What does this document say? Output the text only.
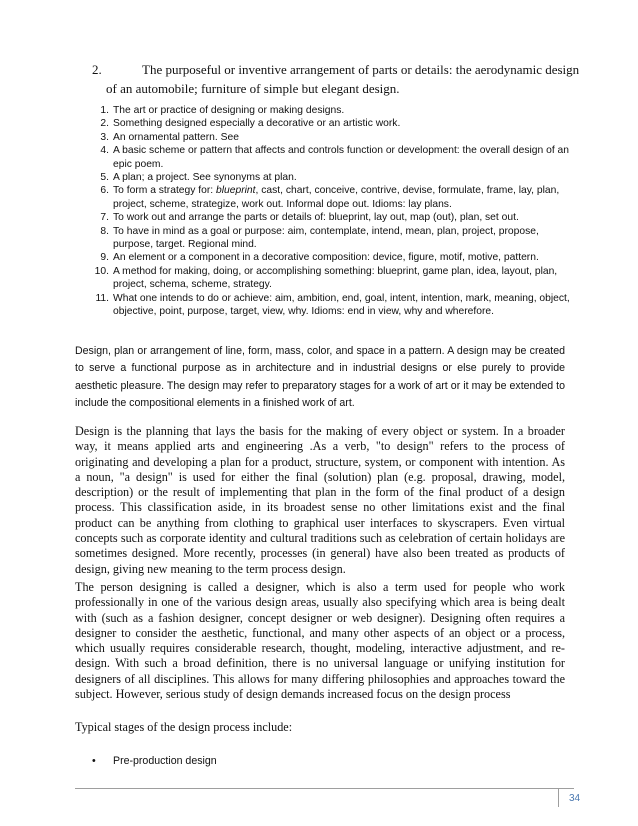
2.	The purposeful or inventive arrangement of parts or details: the aerodynamic design
of an automobile; furniture of simple but elegant design.
1. The art or practice of designing or making designs.
2. Something designed especially a decorative or an artistic work.
3. An ornamental pattern. See
4. A basic scheme or pattern that affects and controls function or development: the overall design of an epic poem.
5. A plan; a project. See synonyms at plan.
6. To form a strategy for: blueprint, cast, chart, conceive, contrive, devise, formulate, frame, lay, plan, project, scheme, strategize, work out. Informal dope out. Idioms: lay plans.
7. To work out and arrange the parts or details of: blueprint, lay out, map (out), plan, set out.
8. To have in mind as a goal or purpose: aim, contemplate, intend, mean, plan, project, propose, purpose, target. Regional mind.
9. An element or a component in a decorative composition: device, figure, motif, motive, pattern.
10. A method for making, doing, or accomplishing something: blueprint, game plan, idea, layout, plan, project, schema, scheme, strategy.
11. What one intends to do or achieve: aim, ambition, end, goal, intent, intention, mark, meaning, object, objective, point, purpose, target, view, why. Idioms: end in view, why and wherefore.

Design, plan or arrangement of line, form, mass, color, and space in a pattern. A design may be created to serve a functional purpose as in architecture and in industrial designs or else purely to provide aesthetic pleasure. The design may refer to preparatory stages for a work of art or it may be extended to include the compositional elements in a finished work of art.

Design is the planning that lays the basis for the making of every object or system. In a broader way, it means applied arts and engineering .As a verb, "to design" refers to the process of originating and developing a plan for a product, structure, system, or component with intention. As a noun, "a design" is used for either the final (solution) plan (e.g. proposal, drawing, model, description) or the result of implementing that plan in the form of the final product of a design process. This classification aside, in its broadest sense no other limitations exist and the final product can be anything from clothing to graphical user interfaces to skyscrapers. Even virtual concepts such as corporate identity and cultural traditions such as celebration of certain holidays are sometimes designed. More recently, processes (in general) have also been treated as products of design, giving new meaning to the term process design.

The person designing is called a designer, which is also a term used for people who work professionally in one of the various design areas, usually also specifying which area is being dealt with (such as a fashion designer, concept designer or web designer). Designing often requires a designer to consider the aesthetic, functional, and many other aspects of an object or a process, which usually requires considerable research, thought, modeling, interactive adjustment, and re-design. With such a broad definition, there is no universal language or unifying institution for designers of all disciplines. This allows for many differing philosophies and approaches toward the subject. However, serious study of design demands increased focus on the design process

Typical stages of the design process include:

• Pre-production design
34
